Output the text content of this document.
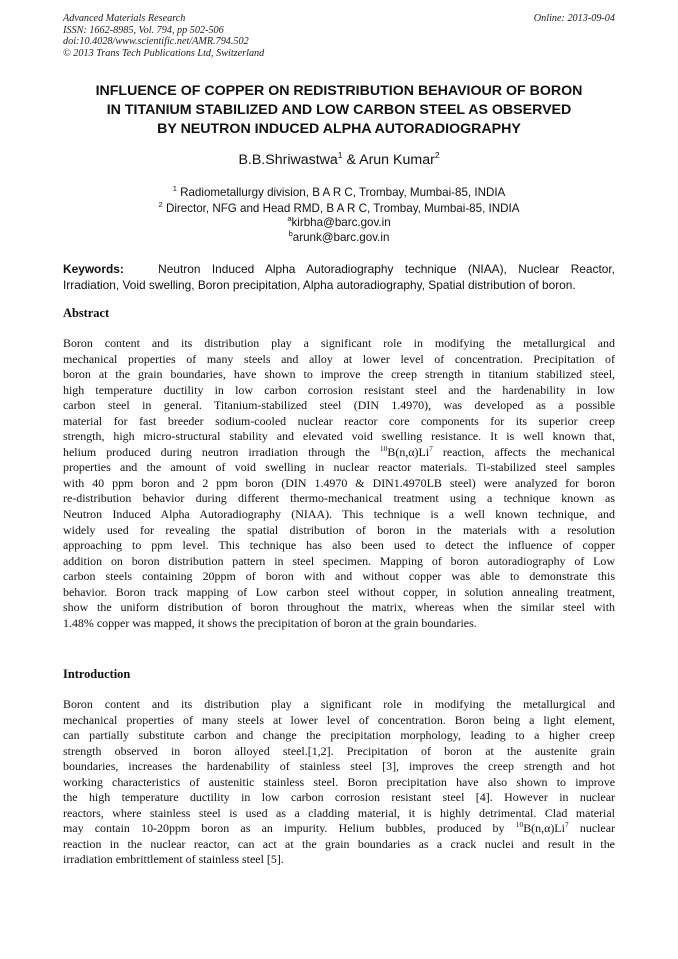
Advanced Materials Research
ISSN: 1662-8985, Vol. 794, pp 502-506
doi:10.4028/www.scientific.net/AMR.794.502
© 2013 Trans Tech Publications Ltd, Switzerland
Online: 2013-09-04
INFLUENCE OF COPPER ON REDISTRIBUTION BEHAVIOUR OF BORON
IN TITANIUM STABILIZED AND LOW CARBON STEEL AS OBSERVED
BY NEUTRON INDUCED ALPHA AUTORADIOGRAPHY
B.B.Shriwastwa$^1$ & Arun Kumar$^2$
$^1$ Radiometallurgy division, B A R C, Trombay, Mumbai-85, INDIA
$^2$ Director, NFG and Head RMD, B A R C, Trombay, Mumbai-85, INDIA
$^a$kirbha@barc.gov.in
$^b$arunk@barc.gov.in
Keywords:	Neutron Induced Alpha Autoradiography technique (NIAA), Nuclear Reactor,
Irradiation, Void swelling, Boron precipitation, Alpha autoradiography, Spatial distribution of boron.
Abstract
Boron content and its distribution play a significant role in modifying the metallurgical and
mechanical properties of many steels and alloy at lower level of concentration. Precipitation of
boron at the grain boundaries, have shown to improve the creep strength in titanium stabilized steel,
high temperature ductility in low carbon corrosion resistant steel and the hardenability in low
carbon steel in general. Titanium-stabilized steel (DIN 1.4970), was developed as a possible
material for fast breeder sodium-cooled nuclear reactor core components for its superior creep
strength, high micro-structural stability and elevated void swelling resistance. It is well known that,
helium produced during neutron irradiation through the $^{10}$B(n,α)Li$^7$ reaction, affects the mechanical
properties and the amount of void swelling in nuclear reactor materials. Ti-stabilized steel samples
with 40 ppm boron and 2 ppm boron (DIN 1.4970 & DIN1.4970LB steel) were analyzed for boron
re-distribution behavior during different thermo-mechanical treatment using a technique known as
Neutron Induced Alpha Autoradiography (NIAA). This technique is a well known technique, and
widely used for revealing the spatial distribution of boron in the materials with a resolution
approaching to ppm level. This technique has also been used to detect the influence of copper
addition on boron distribution pattern in steel specimen. Mapping of boron autoradiography of Low
carbon steels containing 20ppm of boron with and without copper was able to demonstrate this
behavior. Boron track mapping of Low carbon steel without copper, in solution annealing treatment,
show the uniform distribution of boron throughout the matrix, whereas when the similar steel with
1.48% copper was mapped, it shows the precipitation of boron at the grain boundaries.
Introduction
Boron content and its distribution play a significant role in modifying the metallurgical and
mechanical properties of many steels at lower level of concentration. Boron being a light element,
can partially substitute carbon and change the precipitation morphology, leading to a higher creep
strength observed in boron alloyed steel.[1,2]. Precipitation of boron at the austenite grain
boundaries, increases the hardenability of stainless steel [3], improves the creep strength and hot
working characteristics of austenitic stainless steel. Boron precipitation have also shown to improve
the high temperature ductility in low carbon corrosion resistant steel [4]. However in nuclear
reactors, where stainless steel is used as a cladding material, it is highly detrimental. Clad material
may contain 10-20ppm boron as an impurity. Helium bubbles, produced by $^{10}$B(n,α)Li$^7$ nuclear
reaction in the nuclear reactor, can act at the grain boundaries as a crack nuclei and result in the
irradiation embrittlement of stainless steel [5].
